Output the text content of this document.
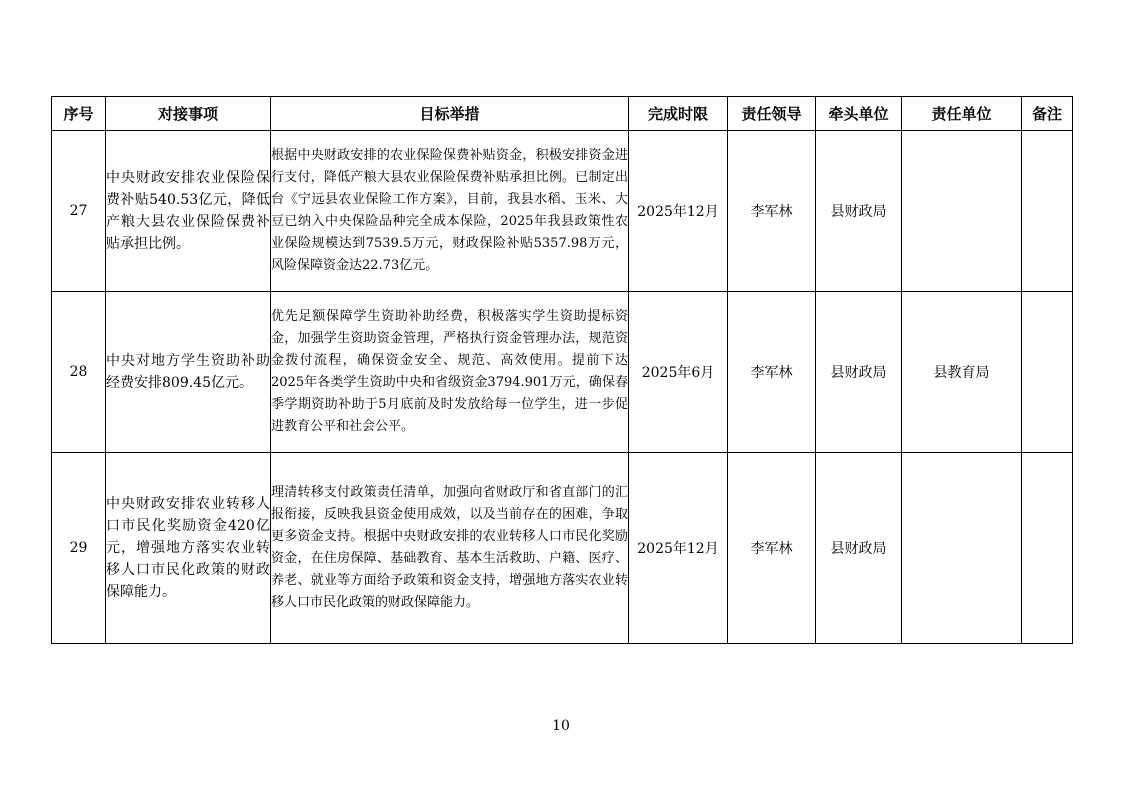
序号	对接事项	目标举措	完成时限	责任领导	牵头单位	责任单位	备注
27	中央财政安排农业保险保费补贴540.53亿元，降低产粮大县农业保险保费补贴承担比例。	根据中央财政安排的农业保险保费补贴资金，积极安排资金进行支付，降低产粮大县农业保险保费补贴承担比例。已制定出台《宁远县农业保险工作方案》，目前，我县水稻、玉米、大豆已纳入中央保险品种完全成本保险，2025年我县政策性农业保险规模达到7539.5万元，财政保险补贴5357.98万元，风险保障资金达22.73亿元。	2025年12月	李军林	县财政局		
28	中央对地方学生资助补助经费安排809.45亿元。	优先足额保障学生资助补助经费，积极落实学生资助提标资金，加强学生资助资金管理，严格执行资金管理办法，规范资金拨付流程，确保资金安全、规范、高效使用。提前下达2025年各类学生资助中央和省级资金3794.901万元，确保春季学期资助补助于5月底前及时发放给每一位学生，进一步促进教育公平和社会公平。	2025年6月	李军林	县财政局	县教育局	
29	中央财政安排农业转移人口市民化奖励资金420亿元，增强地方落实农业转移人口市民化政策的财政保障能力。	理清转移支付政策责任清单，加强向省财政厅和省直部门的汇报衔接，反映我县资金使用成效，以及当前存在的困难，争取更多资金支持。根据中央财政安排的农业转移人口市民化奖励资金，在住房保障、基础教育、基本生活救助、户籍、医疗、养老、就业等方面给予政策和资金支持，增强地方落实农业转移人口市民化政策的财政保障能力。	2025年12月	李军林	县财政局		
10
